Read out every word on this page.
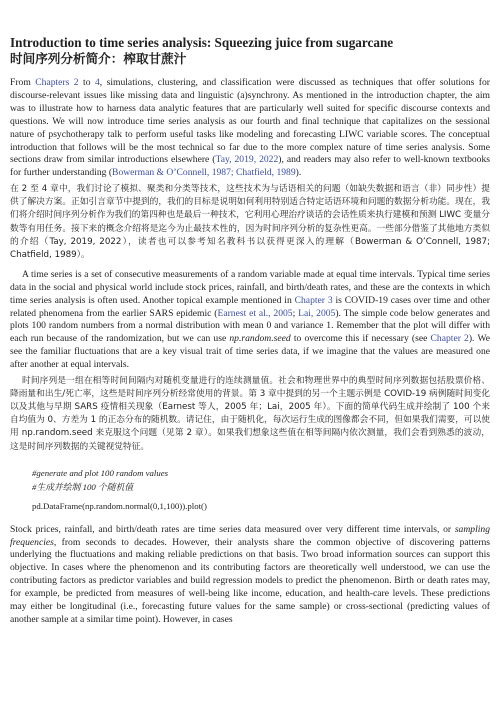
Introduction to time series analysis: Squeezing juice from sugarcane
时间序列分析简介：榨取甘蔗汁

From Chapters 2 to 4, simulations, clustering, and classification were discussed as techniques that offer solutions for discourse-relevant issues like missing data and linguistic (a)synchrony. As mentioned in the introduction chapter, the aim was to illustrate how to harness data analytic features that are particularly well suited for specific discourse contexts and questions. We will now introduce time series analysis as our fourth and final technique that capitalizes on the sessional nature of psychotherapy talk to perform useful tasks like modeling and forecasting LIWC variable scores. The conceptual introduction that follows will be the most technical so far due to the more complex nature of time series analysis. Some sections draw from similar introductions elsewhere (Tay, 2019, 2022), and readers may also refer to well-known textbooks for further understanding (Bowerman & O’Connell, 1987; Chatfield, 1989).

在 2 至 4 章中，我们讨论了模拟、聚类和分类等技术，这些技术为与话语相关的问题（如缺失数据和语言（非）同步性）提供了解决方案。正如引言章节中提到的，我们的目标是说明如何利用特别适合特定话语环境和问题的数据分析功能。现在，我们将介绍时间序列分析作为我们的第四种也是最后一种技术，它利用心理治疗谈话的会话性质来执行建模和预测 LIWC 变量分数等有用任务。接下来的概念介绍将是迄今为止最技术性的，因为时间序列分析的复杂性更高。一些部分借鉴了其他地方类似的介绍（Tay, 2019, 2022），读者也可以参考知名教科书以获得更深入的理解（Bowerman & O’Connell, 1987; Chatfield, 1989）。

A time series is a set of consecutive measurements of a random variable made at equal time intervals. Typical time series data in the social and physical world include stock prices, rainfall, and birth/death rates, and these are the contexts in which time series analysis is often used. Another topical example mentioned in Chapter 3 is COVID-19 cases over time and other related phenomena from the earlier SARS epidemic (Earnest et al., 2005; Lai, 2005). The simple code below generates and plots 100 random numbers from a normal distribution with mean 0 and variance 1. Remember that the plot will differ with each run because of the randomization, but we can use np.random.seed to overcome this if necessary (see Chapter 2). We see the familiar fluctuations that are a key visual trait of time series data, if we imagine that the values are measured one after another at equal intervals.

时间序列是一组在相等时间间隔内对随机变量进行的连续测量值。社会和物理世界中的典型时间序列数据包括股票价格、降雨量和出生/死亡率，这些是时间序列分析经常使用的背景。第 3 章中提到的另一个主题示例是 COVID-19 病例随时间变化以及其他与早期 SARS 疫情相关现象（Earnest 等人，2005 年；Lai，2005 年）。下面的简单代码生成并绘制了 100 个来自均值为 0、方差为 1 的正态分布的随机数。请记住，由于随机化，每次运行生成的图像都会不同，但如果我们需要，可以使用 np.random.seed 来克服这个问题（见第 2 章）。如果我们想象这些值在相等间隔内依次测量，我们会看到熟悉的波动，这是时间序列数据的关键视觉特征。

#generate and plot 100 random values
#生成并绘制 100 个随机值
pd.DataFrame(np.random.normal(0,1,100)).plot()

Stock prices, rainfall, and birth/death rates are time series data measured over very different time intervals, or sampling frequencies, from seconds to decades. However, their analysts share the common objective of discovering patterns underlying the fluctuations and making reliable predictions on that basis. Two broad information sources can support this objective. In cases where the phenomenon and its contributing factors are theoretically well understood, we can use the contributing factors as predictor variables and build regression models to predict the phenomenon. Birth or death rates may, for example, be predicted from measures of well-being like income, education, and health-care levels. These predictions may either be longitudinal (i.e., forecasting future values for the same sample) or cross-sectional (predicting values of another sample at a similar time point). However, in cases
